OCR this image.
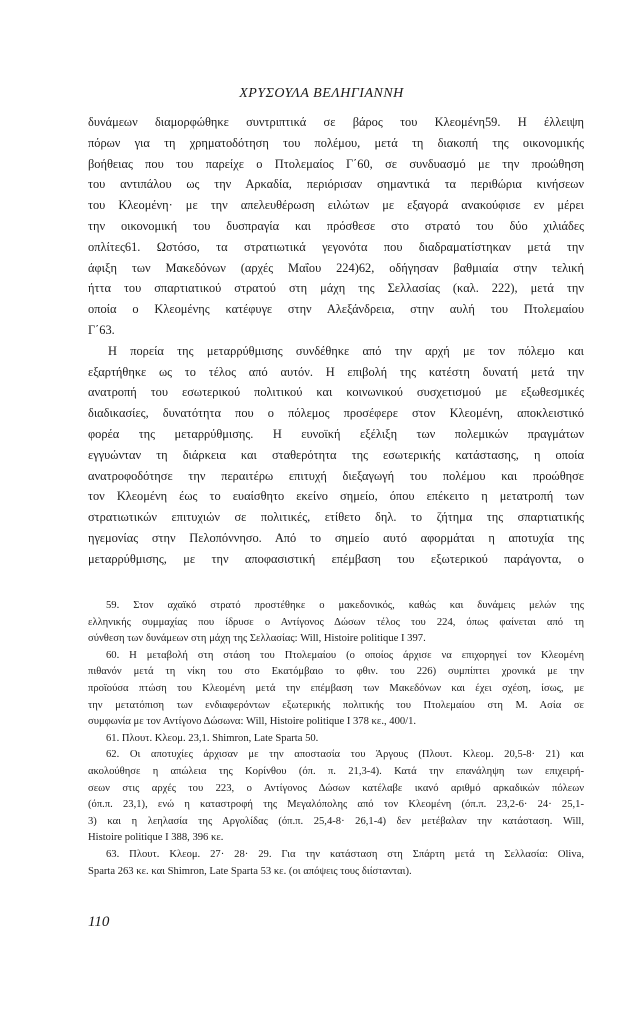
ΧΡΥΣΟΥΛΑ ΒΕΛΗΓΙΑΝΝΗ
δυνάμεων διαμορφώθηκε συντριπτικά σε βάρος του Κλεομένη59. Η έλλειψη
πόρων για τη χρηματοδότηση του πολέμου, μετά τη διακοπή της οικονομικής
βοήθειας που του παρείχε ο Πτολεμαίος Γ΄60, σε συνδυασμό με την προώθηση
του αντιπάλου ως την Αρκαδία, περιόρισαν σημαντικά τα περιθώρια κινήσεων
του Κλεομένη· με την απελευθέρωση ειλώτων με εξαγορά ανακούφισε εν μέρει
την οικονομική του δυσπραγία και πρόσθεσε στο στρατό του δύο χιλιάδες
οπλίτες61. Ωστόσο, τα στρατιωτικά γεγονότα που διαδραματίστηκαν μετά την
άφιξη των Μακεδόνων (αρχές Μαΐου 224)62, οδήγησαν βαθμιαία στην τελική
ήττα του σπαρτιατικού στρατού στη μάχη της Σελλασίας (καλ. 222), μετά την
οποία ο Κλεομένης κατέφυγε στην Αλεξάνδρεια, στην αυλή του Πτολεμαίου
Γ΄63.
Η πορεία της μεταρρύθμισης συνδέθηκε από την αρχή με τον πόλεμο και
εξαρτήθηκε ως το τέλος από αυτόν. Η επιβολή της κατέστη δυνατή μετά την
ανατροπή του εσωτερικού πολιτικού και κοινωνικού συσχετισμού με εξωθεσμικές
διαδικασίες, δυνατότητα που ο πόλεμος προσέφερε στον Κλεομένη, αποκλειστικό
φορέα της μεταρρύθμισης. Η ευνοϊκή εξέλιξη των πολεμικών πραγμάτων
εγγυώνταν τη διάρκεια και σταθερότητα της εσωτερικής κατάστασης, η οποία
ανατροφοδότησε την περαιτέρω επιτυχή διεξαγωγή του πολέμου και προώθησε
τον Κλεομένη έως το ευαίσθητο εκείνο σημείο, όπου επέκειτο η μετατροπή των
στρατιωτικών επιτυχιών σε πολιτικές, ετίθετο δηλ. το ζήτημα της σπαρτιατικής
ηγεμονίας στην Πελοπόννησο. Από το σημείο αυτό αφορμάται η αποτυχία της
μεταρρύθμισης, με την αποφασιστική επέμβαση του εξωτερικού παράγοντα, ο
59. Στον αχαϊκό στρατό προστέθηκε ο μακεδονικός, καθώς και δυνάμεις μελών της
ελληνικής συμμαχίας που ίδρυσε ο Αντίγονος Δώσων τέλος του 224, όπως φαίνεται από τη
σύνθεση των δυνάμεων στη μάχη της Σελλασίας: Will, Histoire politique I 397.
60. Η μεταβολή στη στάση του Πτολεμαίου (ο οποίος άρχισε να επιχορηγεί τον Κλεομένη
πιθανόν μετά τη νίκη του στο Εκατόμβαιο το φθιν. του 226) συμπίπτει χρονικά με την
προϊούσα πτώση του Κλεομένη μετά την επέμβαση των Μακεδόνων και έχει σχέση, ίσως, με
την μετατόπιση των ενδιαφερόντων εξωτερικής πολιτικής του Πτολεμαίου στη Μ. Ασία σε
συμφωνία με τον Αντίγονο Δώσωνα: Will, Histoire politique I 378 κε., 400/1.
61. Πλουτ. Κλεομ. 23,1. Shimron, Late Sparta 50.
62. Οι αποτυχίες άρχισαν με την αποστασία του Άργους (Πλουτ. Κλεομ. 20,5-8· 21) και
ακολούθησε η απώλεια της Κορίνθου (όπ. π. 21,3-4). Κατά την επανάληψη των επιχειρή-
σεων στις αρχές του 223, ο Αντίγονος Δώσων κατέλαβε ικανό αριθμό αρκαδικών πόλεων
(όπ.π. 23,1), ενώ η καταστροφή της Μεγαλόπολης από τον Κλεομένη (όπ.π. 23,2-6· 24· 25,1-
3) και η λεηλασία της Αργολίδας (όπ.π. 25,4-8· 26,1-4) δεν μετέβαλαν την κατάσταση. Will,
Histoire politique I 388, 396 κε.
63. Πλουτ. Κλεομ. 27· 28· 29. Για την κατάσταση στη Σπάρτη μετά τη Σελλασία: Oliva,
Sparta 263 κε. και Shimron, Late Sparta 53 κε. (οι απόψεις τους διίστανται).
110
